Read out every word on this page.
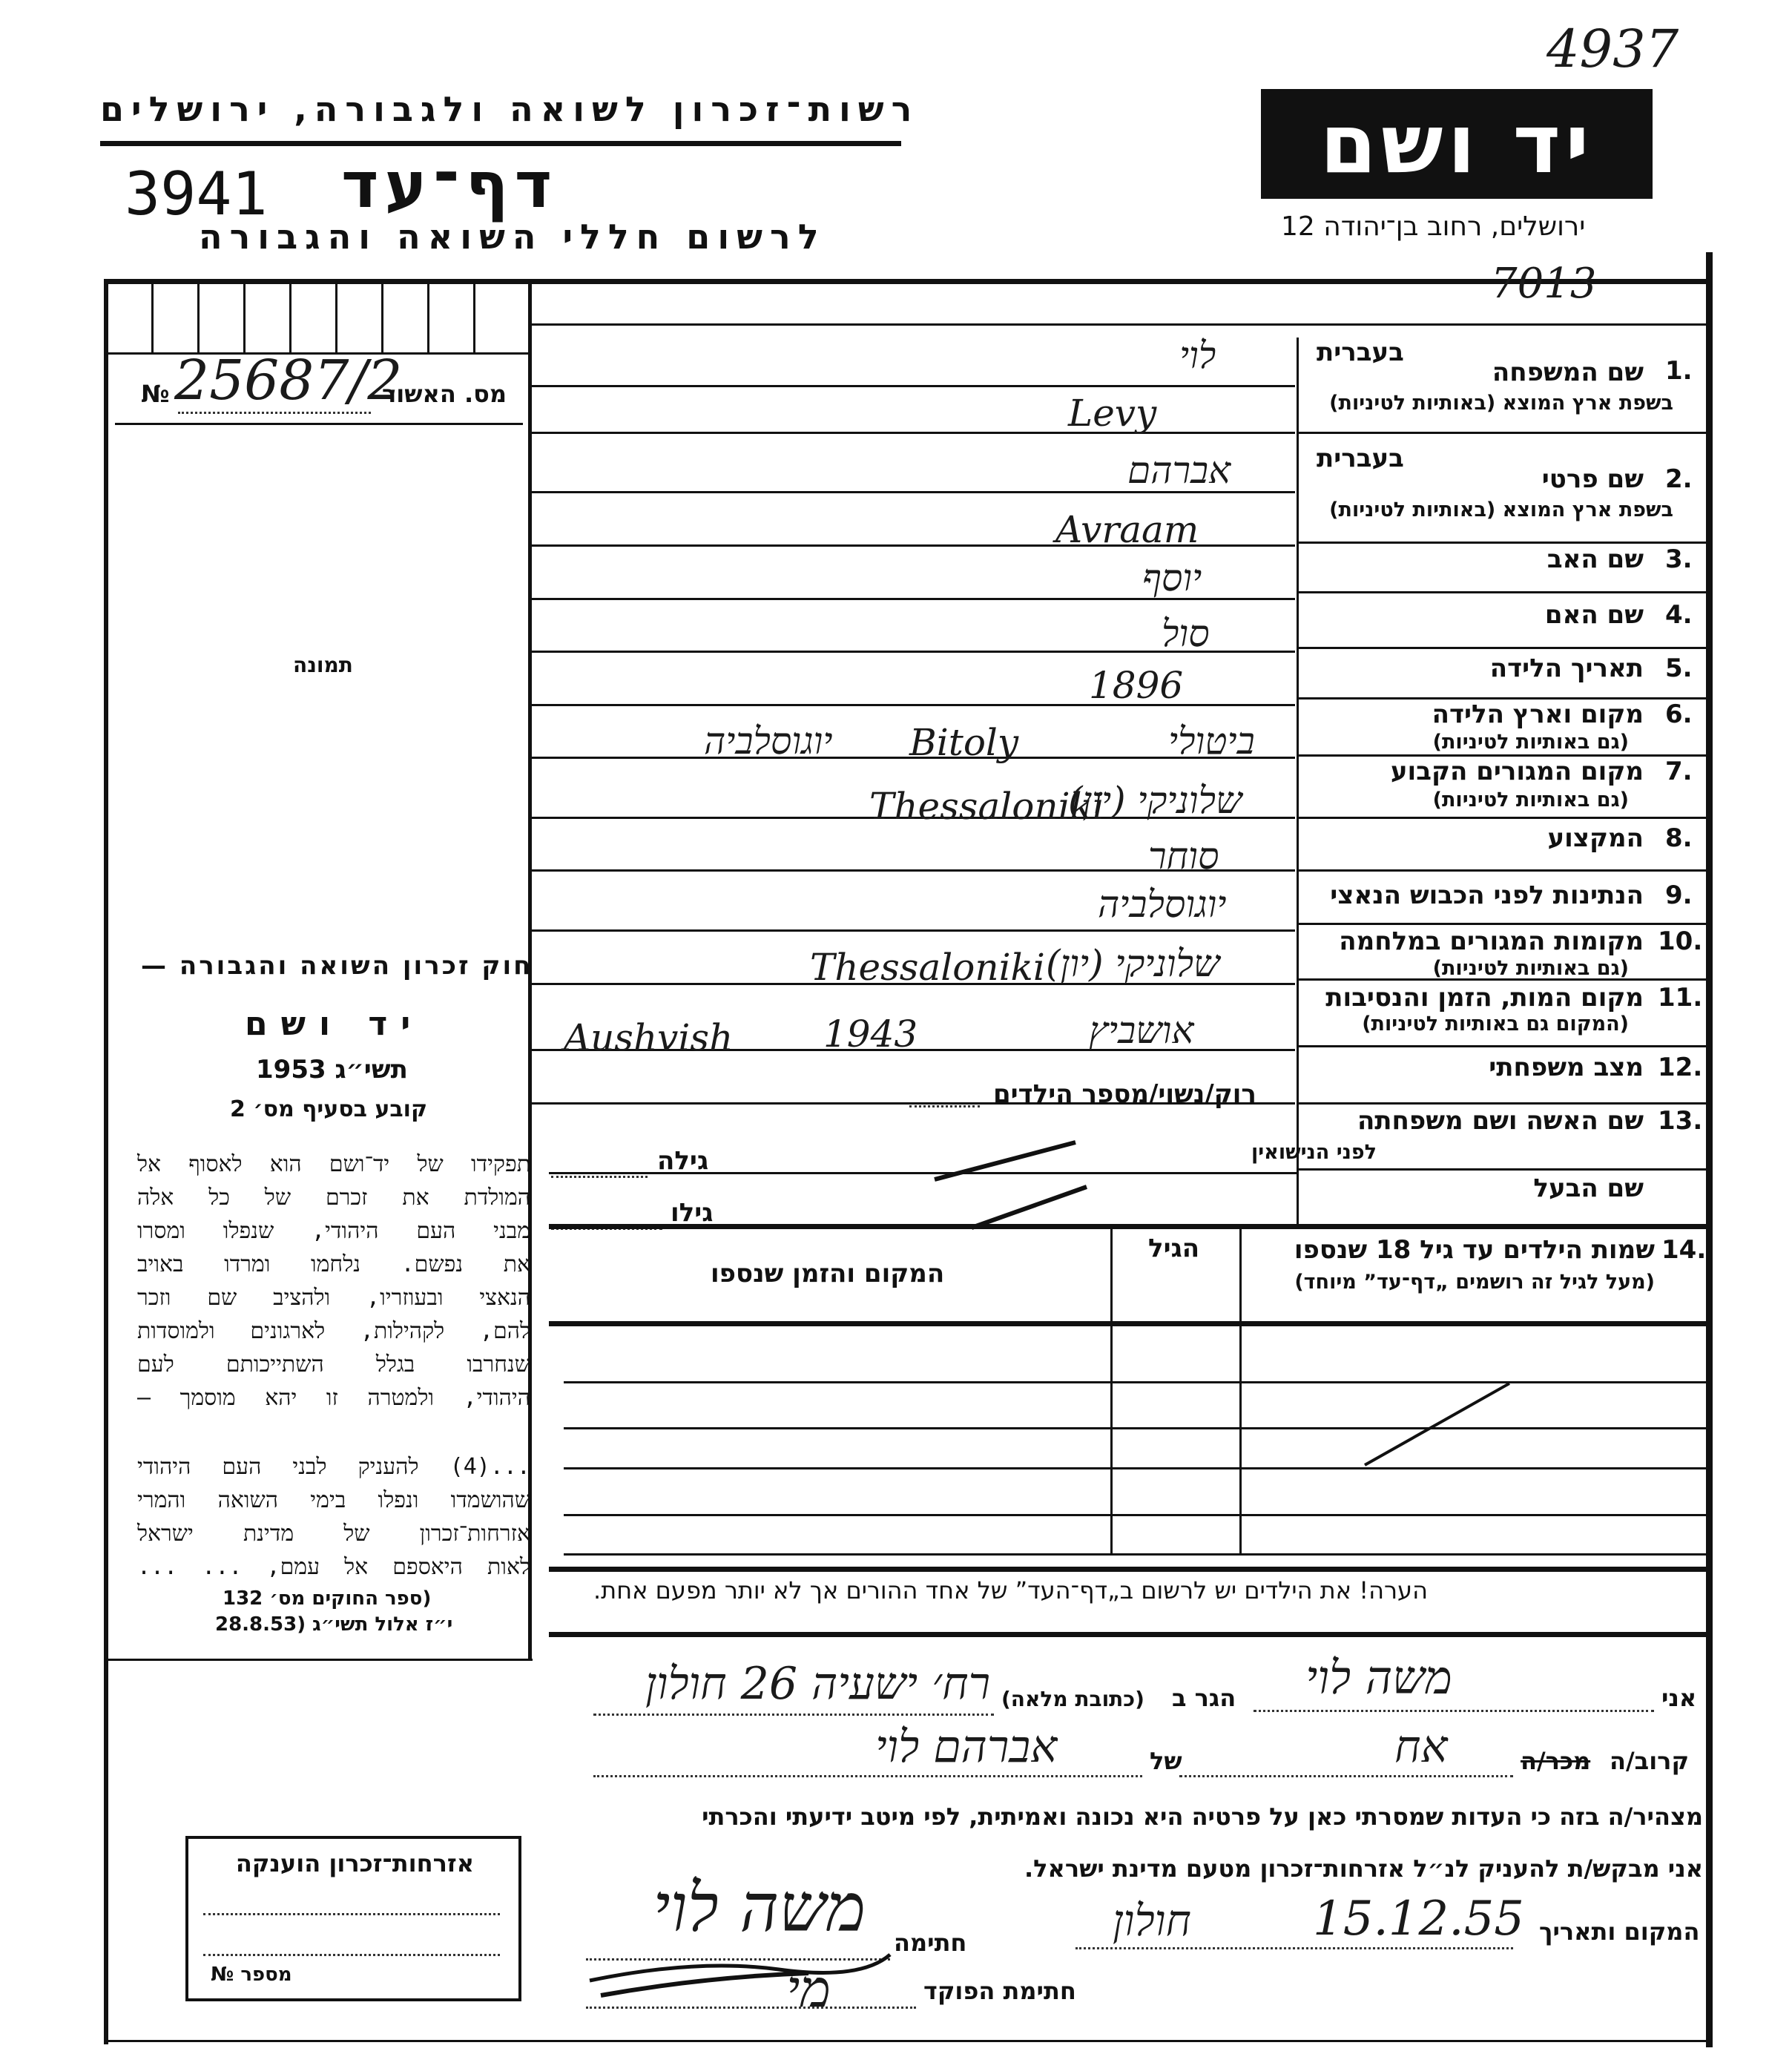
4937
רשות־זכרון לשואה ולגבורה, ירושלים
3941 דף־עד
לרשום חללי השואה והגבורה
יד ושם
ירושלים, רחוב בן־יהודה 12
7013
№ 25687/2
מס. האשור
תמונה
חוק זכרון השואה והגבורה —
יד ושם
תשי״ג 1953
קובע בסעיף מס׳ 2
תפקידו של יד־ושם הוא לאסוף אל
המולדת את זכרם של כל אלה
מבני העם היהודי, שנפלו ומסרו
את נפשם. נלחמו ומרדו באויב
הנאצי ובעוזריו, ולהציב שם וזכר
להם, לקהילות, לארגונים ולמוסדות
שנחרבו בגלל השתייכותם לעם
היהודי, ולמטרה זו יהא מוסמך —
...(4) להעניק לבני העם היהודי
שהושמדו ונפלו בימי השואה והמרי
אזרחות־זכרון של מדינת ישראל
לאות היאספם אל עמם, ... ...
(ספר החוקים מס׳ 132
י״ז אלול תשי״ג (28.8.53
אזרחות־זכרון הוענקה
מספר №
1.
בעברית
שם המשפחה
בשפת ארץ המוצא (באותיות לטיניות)
2.
בעברית
שם פרטי
בשפת ארץ המוצא (באותיות לטיניות)
3.
שם האב
4.
שם האם
5.
תאריך הלידה
6.
מקום וארץ הלידה
(גם באותיות לטיניות)
7.
מקום המגורים הקבוע
(גם באותיות לטיניות)
8.
המקצוע
9.
הנתינות לפני הכבוש הנאצי
10.
מקומות המגורים במלחמה
(גם באותיות לטיניות)
11.
מקום המות, הזמן והנסיבות
(המקום גם באותיות לטיניות)
12.
מצב משפחתי
13.
שם האשה ושם משפחתה
לפני הנישואין
שם הבעל
לוי
Levy
אברהם
Avraam
יוסף
סול
1896
ביטולי
Bitoly
יוגוסלביה
שלוניקי (יון)
Thessaloniki
סוחר
יוגוסלביה
שלוניקי (יון)
Thessaloniki
אושביץ
1943
Aushvish
רוק/נשוי/מספר הילדים
גילה
גילו
14.
שמות הילדים עד גיל 18 שנספו
(מעל לגיל זה רושמים „דף־עד” מיוחד)
הגיל
המקום והזמן שנספו
הערה! את הילדים יש לרשום ב„דף־העד” של אחד ההורים אך לא יותר מפעם אחת.
אני
משה לוי
הגר ב
(כתובת מלאה)
רח׳ ישעיה 26 חולון
קרוב/ה
מכר/ה
אח
של
אברהם לוי
מצהיר/ה בזה כי העדות שמסרתי כאן על פרטיה היא נכונה ואמיתית, לפי מיטב ידיעתי והכרתי
אני מבקש/ת להעניק לנ״ל אזרחות־זכרון מטעם מדינת ישראל.
המקום ותאריך
15.12.55
חולון
חתימה
משה לוי
חתימת הפוקד
מי
